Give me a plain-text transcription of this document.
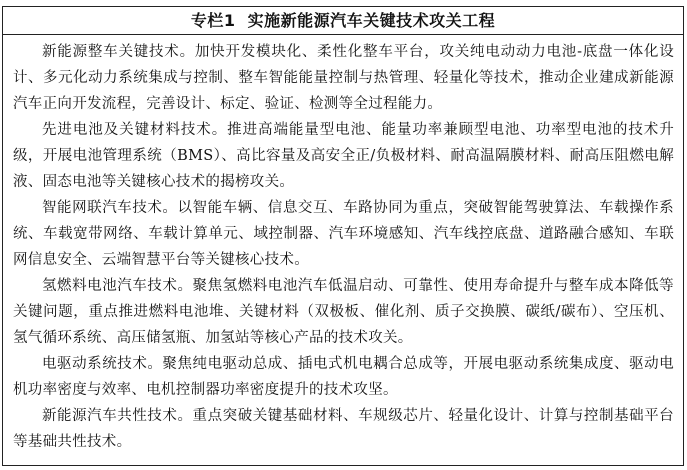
专栏1 实施新能源汽车关键技术攻关工程

新能源整车关键技术。加快开发模块化、柔性化整车平台，攻关纯电动动力电池-底盘一体化设计、多元化动力系统集成与控制、整车智能能量控制与热管理、轻量化等技术，推动企业建成新能源汽车正向开发流程，完善设计、标定、验证、检测等全过程能力。

先进电池及关键材料技术。推进高端能量型电池、能量功率兼顾型电池、功率型电池的技术升级，开展电池管理系统（BMS）、高比容量及高安全正/负极材料、耐高温隔膜材料、耐高压阻燃电解液、固态电池等关键核心技术的揭榜攻关。

智能网联汽车技术。以智能车辆、信息交互、车路协同为重点，突破智能驾驶算法、车载操作系统、车载宽带网络、车载计算单元、域控制器、汽车环境感知、汽车线控底盘、道路融合感知、车联网信息安全、云端智慧平台等关键核心技术。

氢燃料电池汽车技术。聚焦氢燃料电池汽车低温启动、可靠性、使用寿命提升与整车成本降低等关键问题，重点推进燃料电池堆、关键材料（双极板、催化剂、质子交换膜、碳纸/碳布）、空压机、氢气循环系统、高压储氢瓶、加氢站等核心产品的技术攻关。

电驱动系统技术。聚焦纯电驱动总成、插电式机电耦合总成等，开展电驱动系统集成度、驱动电机功率密度与效率、电机控制器功率密度提升的技术攻坚。

新能源汽车共性技术。重点突破关键基础材料、车规级芯片、轻量化设计、计算与控制基础平台等基础共性技术。
